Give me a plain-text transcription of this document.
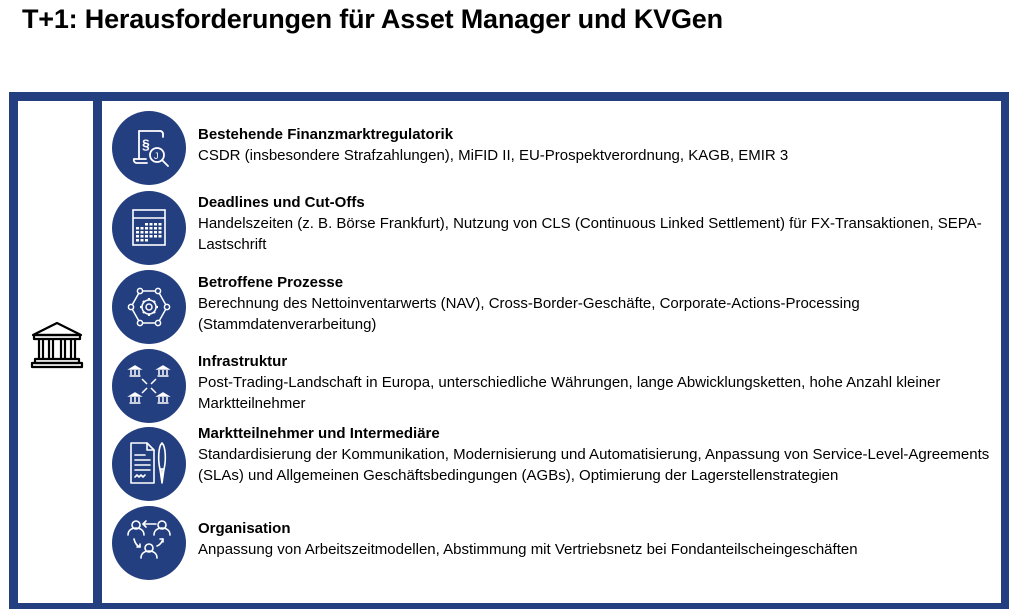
T+1: Herausforderungen für Asset Manager und KVGen
§
J
Bestehende Finanzmarktregulatorik
CSDR (insbesondere Strafzahlungen), MiFID II, EU-Prospektverordnung, KAGB, EMIR 3
Deadlines und Cut-Offs
Handelszeiten (z. B. Börse Frankfurt), Nutzung von CLS (Continuous Linked Settlement) für FX-Transaktionen, SEPA-Lastschrift
Betroffene Prozesse
Berechnung des Nettoinventarwerts (NAV), Cross-Border-Geschäfte, Corporate-Actions-Processing (Stammdatenverarbeitung)
Infrastruktur
Post-Trading-Landschaft in Europa, unterschiedliche Währungen, lange Abwicklungsketten, hohe Anzahl kleiner Marktteilnehmer
Marktteilnehmer und Intermediäre
Standardisierung der Kommunikation, Modernisierung und Automatisierung, Anpassung von Service-Level-Agreements (SLAs) und Allgemeinen Geschäftsbedingungen (AGBs), Optimierung der Lagerstellenstrategien
Organisation
Anpassung von Arbeitszeitmodellen, Abstimmung mit Vertriebsnetz bei Fondanteilscheingeschäften
